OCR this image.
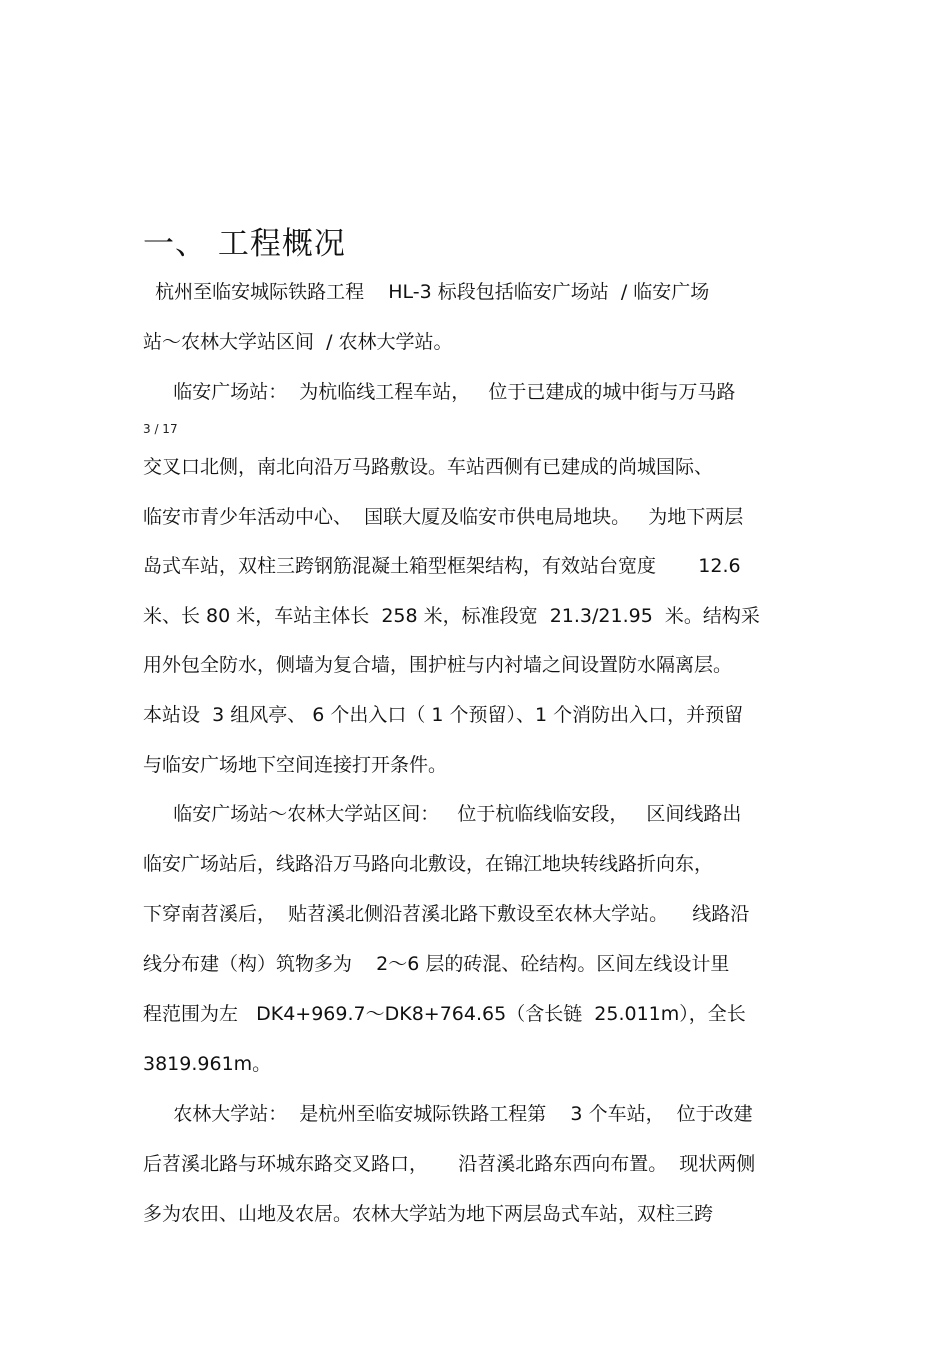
一、 工程概况
杭州至临安城际铁路工程    HL-3 标段包括临安广场站  / 临安广场
站～农林大学站区间  / 农林大学站。
临安广场站：  为杭临线工程车站，   位于已建成的城中街与万马路
3 / 17
交叉口北侧，南北向沿万马路敷设。车站西侧有已建成的尚城国际、
临安市青少年活动中心、  国联大厦及临安市供电局地块。   为地下两层
岛式车站，双柱三跨钢筋混凝土箱型框架结构，有效站台宽度       12.6
米、长 80 米，车站主体长  258 米，标准段宽  21.3/21.95  米。结构采
用外包全防水，侧墙为复合墙，围护桩与内衬墙之间设置防水隔离层。
本站设  3 组风亭、 6 个出入口（ 1 个预留）、1 个消防出入口，并预留
与临安广场地下空间连接打开条件。
临安广场站～农林大学站区间：   位于杭临线临安段，   区间线路出
临安广场站后，线路沿万马路向北敷设，在锦江地块转线路折向东，
下穿南苕溪后，  贴苕溪北侧沿苕溪北路下敷设至农林大学站。    线路沿
线分布建（构）筑物多为    2～6 层的砖混、砼结构。区间左线设计里
程范围为左   DK4+969.7～DK8+764.65（含长链  25.011m），全长
3819.961m。
农林大学站：  是杭州至临安城际铁路工程第    3 个车站，  位于改建
后苕溪北路与环城东路交叉路口，     沿苕溪北路东西向布置。  现状两侧
多为农田、山地及农居。农林大学站为地下两层岛式车站，双柱三跨
